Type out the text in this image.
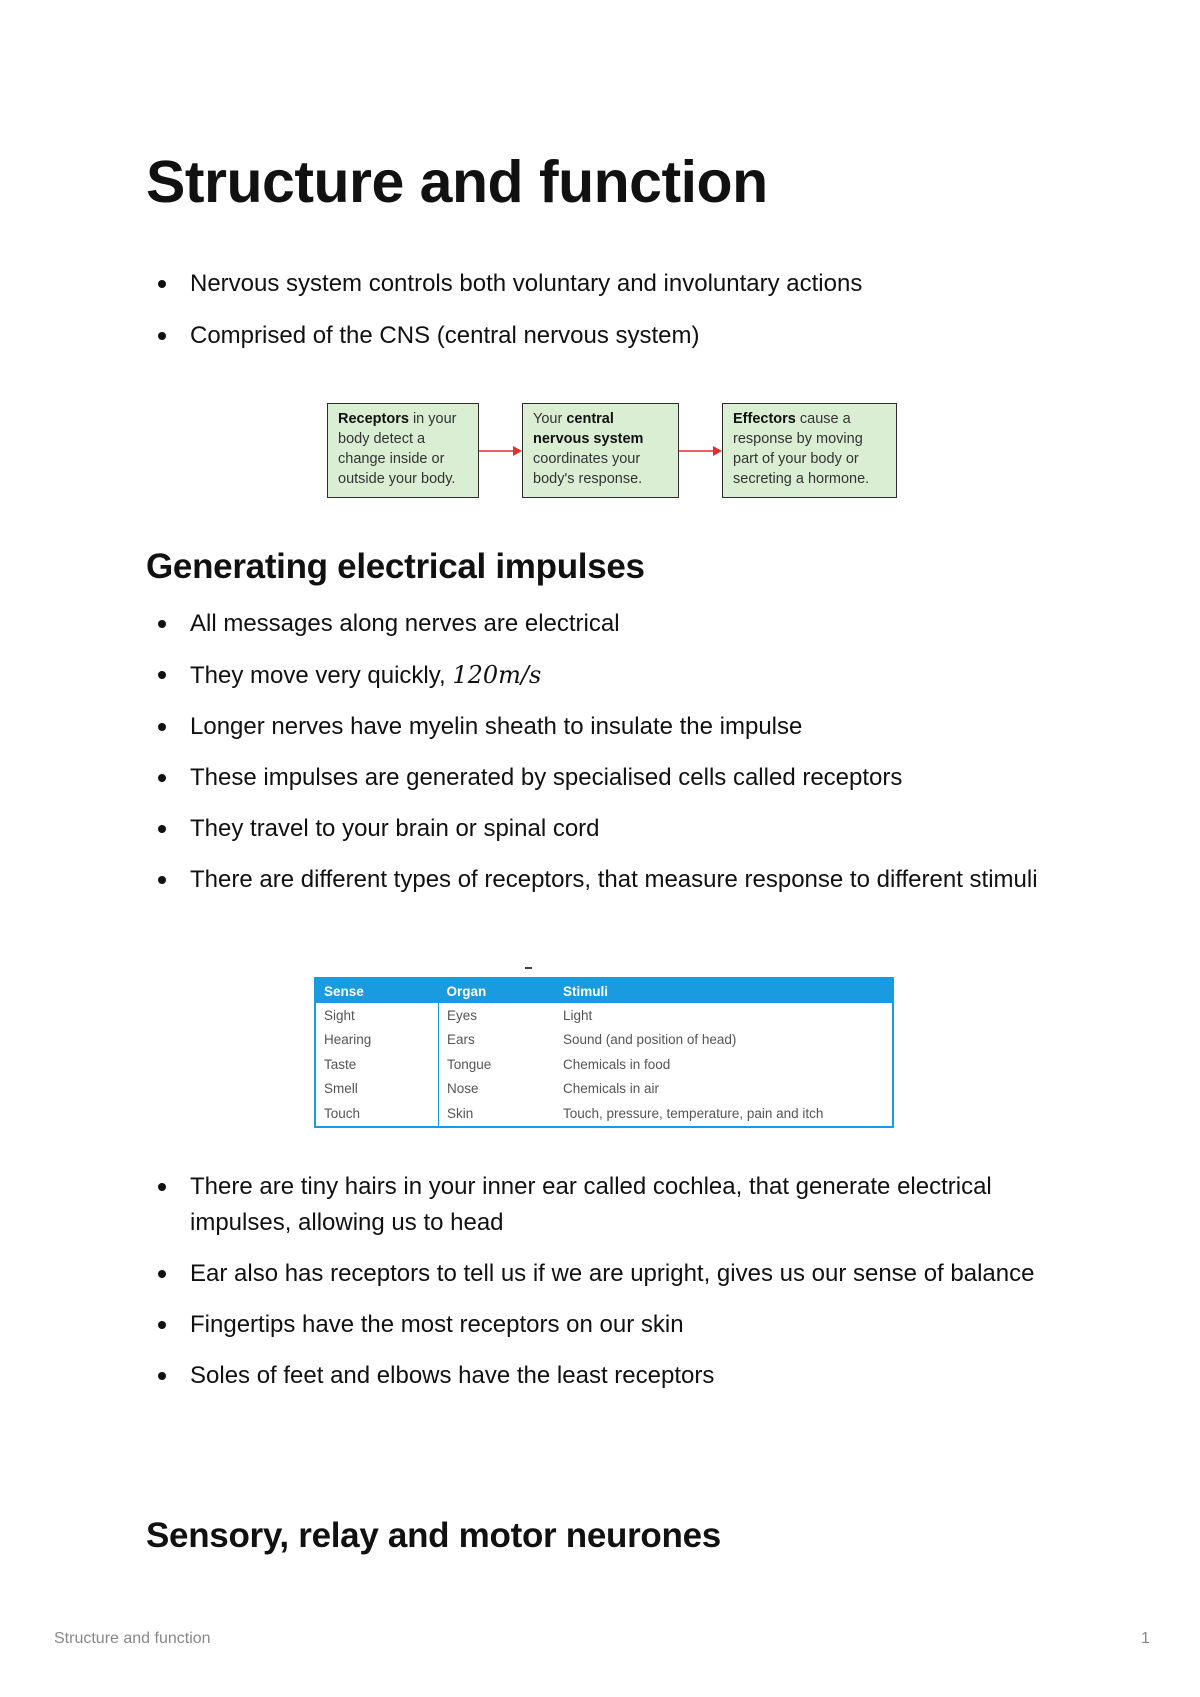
Structure and function
Nervous system controls both voluntary and involuntary actions
Comprised of the CNS (central nervous system)
Receptors in your body detect a change inside or outside your body.
Your central nervous system coordinates your body's response.
Effectors cause a response by moving part of your body or secreting a hormone.
Generating electrical impulses
All messages along nerves are electrical
They move very quickly, 120m/s
Longer nerves have myelin sheath to insulate the impulse
These impulses are generated by specialised cells called receptors
They travel to your brain or spinal cord
There are different types of receptors, that measure response to different stimuli
Sense	Organ	Stimuli
Sight	Eyes	Light
Hearing	Ears	Sound (and position of head)
Taste	Tongue	Chemicals in food
Smell	Nose	Chemicals in air
Touch	Skin	Touch, pressure, temperature, pain and itch
There are tiny hairs in your inner ear called cochlea, that generate electrical impulses, allowing us to head
Ear also has receptors to tell us if we are upright, gives us our sense of balance
Fingertips have the most receptors on our skin
Soles of feet and elbows have the least receptors
Sensory, relay and motor neurones
Structure and function	1
